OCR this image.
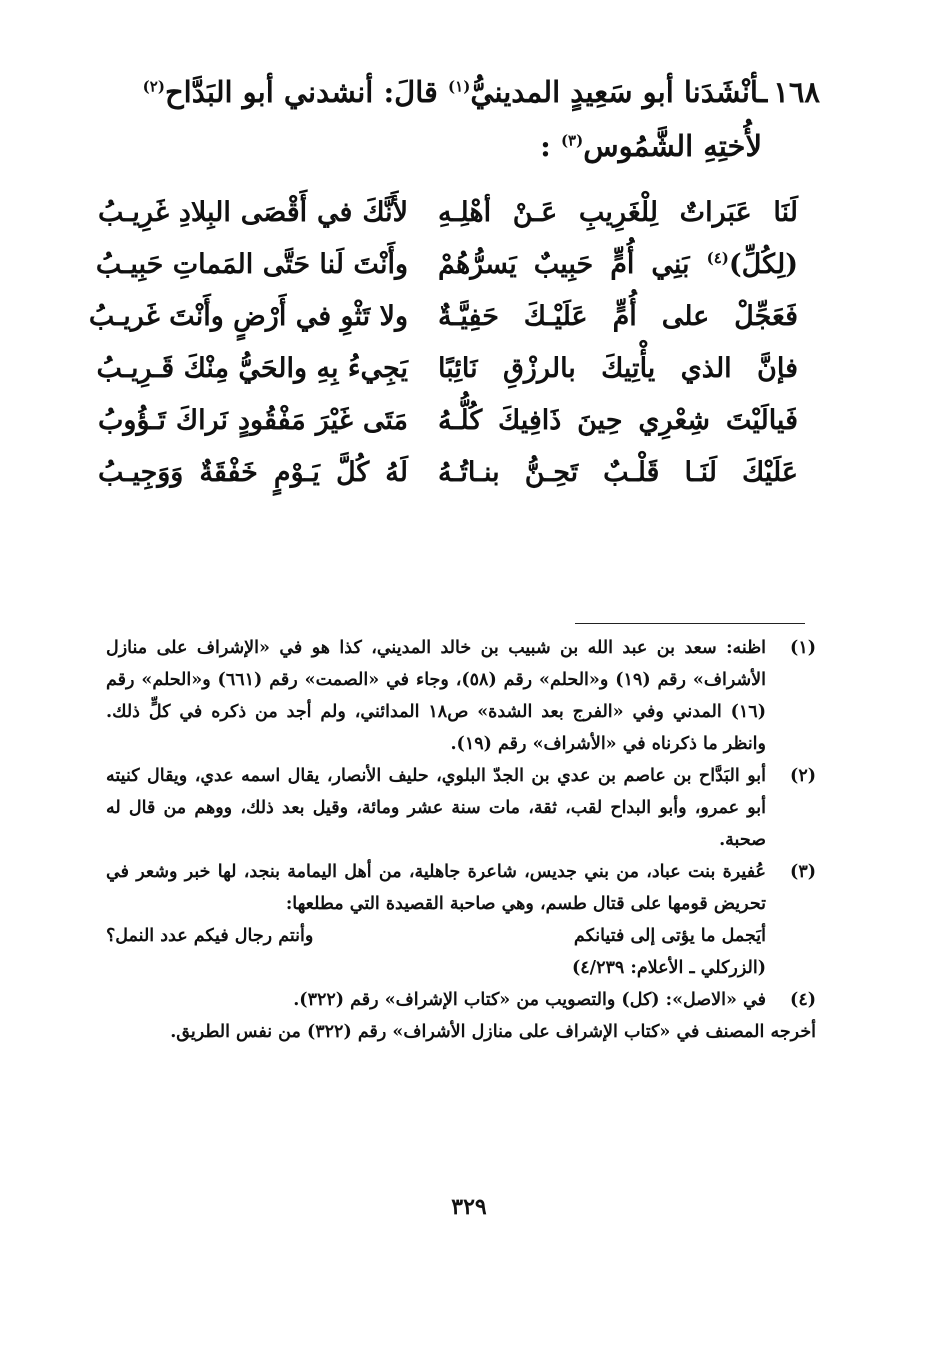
١٦٨ـأنْشَدَنا أبو سَعِيدٍ المدينيُّ$^{(١)}$ قالَ: أنشدني أبو البَدَّاح$^{(٢)}$
لأُختِهِ الشَّمُوس$^{(٣)}$ :
لَنَا عَبَراتٌ لِلْغَرِيبِ عَـنْ أهْلِـهِ
لأَنَّكَ في أَقْصَى البِلادِ غَرِيـبُ
(لِكُلِّ)$^{(٤)}$ بَنِي أُمٍّ حَبِيبٌ يَسرُّهُمْ
وأَنْتَ لَنا حَتَّى المَماتِ حَبِيـبُ
فَعَجِّلْ على أُمٍّ عَلَيْـكَ حَفِيَّـةٌ
ولا تَثْوِ في أَرْضٍ وأَنْتَ غَريـبُ
فإنَّ الذي يأْتِيكَ بالرزْقِ نَائِبًا
يَجِيءُ بِهِ والحَيُّ مِنْكَ قَـرِيـبُ
فَيالَيْتَ شِعْرِي حِينَ ذَافِيكَ كُلُّـهُ
مَتَى غَيْرَ مَفْقُودٍ نَراكَ تَـؤُوبُ
عَلَيْكَ لَنَـا قَلْـبٌ تَحِـنُّ بنـاتُـهُ
لَهُ كُلَّ يَـوْمٍ خَفْقَةٌ وَوَجِيـبُ
(١)
اظنه: سعد بن عبد الله بن شبيب بن خالد المديني، كذا هو في «الإشراف على منازل الأشراف» رقم (١٩) و«الحلم» رقم (٥٨)، وجاء في «الصمت» رقم (٦٦١) و«الحلم» رقم (١٦) المدني وفي «الفرج بعد الشدة» ص١٨ المدائني، ولم أجد من ذكره في كلٍّ ذلك. وانظر ما ذكرناه في «الأشراف» رقم (١٩).
(٢)
أبو البَدَّاح بن عاصم بن عدي بن الجدّ البلوي، حليف الأنصار، يقال اسمه عدي، ويقال كنيته أبو عمرو، وأبو البداح لقب، ثقة، مات سنة عشر ومائة، وقيل بعد ذلك، ووهم من قال له صحبة.
(٣)
عُفيرة بنت عباد، من بني جديس، شاعرة جاهلية، من أهل اليمامة بنجد، لها خبر وشعر في تحريض قومها على قتال طسم، وهي صاحبة القصيدة التي مطلعها:
أيَجمل ما يؤتى إلى فتيانكم
وأنتم رجال فيكم عدد النمل؟
(الزركلي ـ الأعلام: ٤/٢٣٩)
(٤)
في «الاصل»: (كل) والتصويب من «كتاب الإشراف» رقم (٣٢٢).
أخرجه المصنف في «كتاب الإشراف على منازل الأشراف» رقم (٣٢٢) من نفس الطريق.
٣٢٩
